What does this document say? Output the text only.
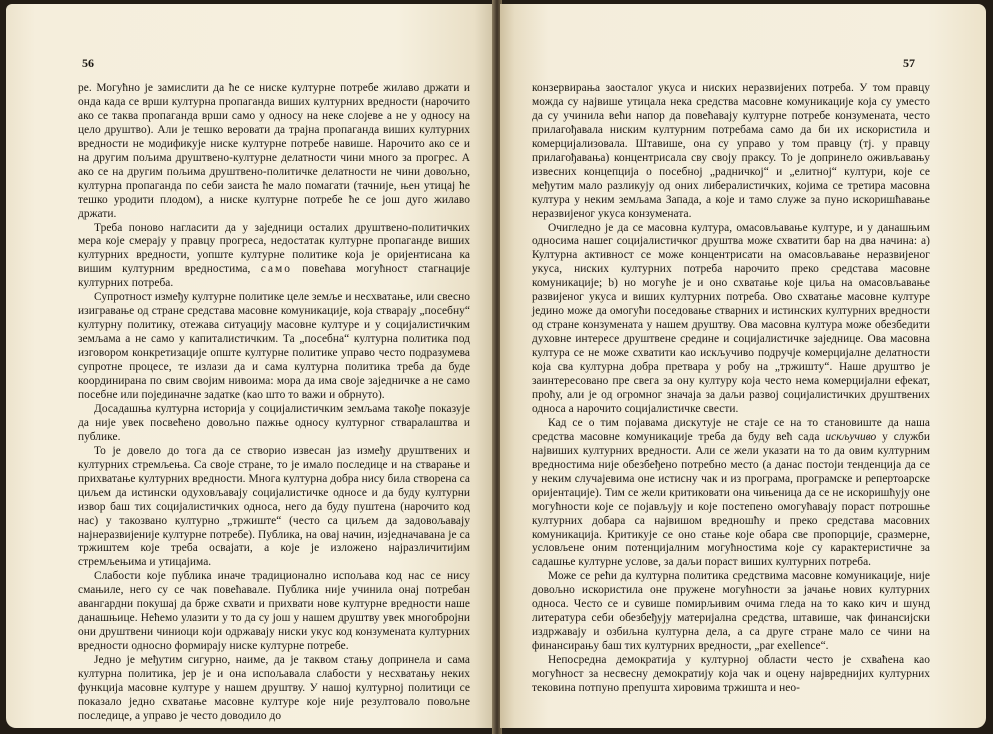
56

ре. Могућно је замислити да ће се ниске културне потребе жилаво држати и онда када се врши културна пропаганда виших културних вредности (нарочито ако се таква пропаганда врши само у односу на неке слојеве а не у односу на цело друштво). Али је тешко веровати да трајна пропаганда виших културних вредности не модификује ниске културне потребе навише. Нарочито ако се и на другим пољима друштвено-културне делатности чини много за прогрес. А ако се на другим пољима друштвено-политичке делатности не чини довољно, културна пропаганда по себи заиста ће мало помагати (тачније, њен утицај ће тешко уродити плодом), а ниске културне потребе ће се још дуго жилаво држати.

Треба поново нагласити да у заједници осталих друштвено-политичких мера које смерају у правцу прогреса, недостатак културне пропаганде виших културних вредности, уопште културне политике која је оријентисана ка вишим културним вредностима, само повећава могућност стагнације културних потреба.

Супротност између културне политике целе земље и несхватање, или свесно изигравање од стране средстава масовне комуникације, која стварају „посебну“ културну политику, отежава ситуацију масовне културе и у социјалистичким земљама а не само у капиталистичким. Та „посебна“ културна политика под изговором конкретизације опште културне политике управо често подразумева супротне процесе, те излази да и сама културна политика треба да буде координирана по свим својим нивоима: мора да има своје заједничке а не само посебне или појединачне задатке (као што то важи и обрнуто).

Досадашња културна историја у социјалистичким земљама такође показује да није увек посвећено довољно пажње односу културног стваралаштва и публике.

То је довело до тога да се створио извесан јаз између друштвених и културних стремљења. Са своје стране, то је имало последице и на стварање и прихватање културних вредности. Многа културна добра нису била створена са циљем да истински одуховљавају социјалистичке односе и да буду културни извор баш тих социјалистичких односа, него да буду пуштена (нарочито код нас) у такозвано културно „тржиште“ (често са циљем да задовољавају најнеразвијеније културне потребе). Публика, на овај начин, изједначавана је са тржиштем које треба освајати, а које је изложено најразличитијим стремљењима и утицајима.

Слабости које публика иначе традиционално испољава код нас се нису смањиле, него су се чак повећавале. Публика није учинила онај потребан авангардни покушај да брже схвати и прихвати нове културне вредности наше данашњице. Нећемо улазити у то да су још у нашем друштву увек многобројни они друштвени чиниоци који одржавају ниски укус код конзумената културних вредности односно формирају ниске културне потребе.

Једно је међутим сигурно, наиме, да је таквом стању допринела и сама културна политика, јер је и она испољавала слабости у несхватању неких функција масовне културе у нашем друштву. У нашој културној политици се показало једно схватање масовне културе које није резултовало повољне последице, а управо је често доводило до

57

конзервирања заосталог укуса и ниских неразвијених потреба. У том правцу можда су највише утицала нека средства масовне комуникације која су уместо да су учинила већи напор да повећавају културне потребе конзумената, често прилагођавала ниским културним потребама само да би их искористила и комерцијализовала. Штавише, она су управо у том правцу (тј. у правцу прилагођавања) концентрисала сву своју праксу. То је допринело оживљавању извесних концепција о посебној „радничкој“ и „елитној“ култури, које се међутим мало разликују од оних либералистичких, којима се третира масовна култура у неким земљама Запада, а које и тамо служе за пуно искоришћавање неразвијеног укуса конзумената.

Очигледно је да се масовна култура, омасовљавање културе, и у данашњим односима нашег социјалистичког друштва може схватити бар на два начина: а) Културна активност се може концентрисати на омасовљавање неразвијеног укуса, ниских културних потреба нарочито преко средстава масовне комуникације; b) но могуће је и оно схватање које циља на омасовљавање развијеног укуса и виших културних потреба. Ово схватање масовне културе једино може да омогући поседовање стварних и истинских културних вредности од стране конзумената у нашем друштву. Ова масовна култура може обезбедити духовне интересе друштвене средине и социјалистичке заједнице. Ова масовна култура се не може схватити као искључиво подручје комерцијалне делатности која сва културна добра претвара у робу на „тржишту“. Наше друштво је заинтересовано пре свега за ону културу која често нема комерцијални ефекат, проћу, али је од огромног значаја за даљи развој социјалистичких друштвених односа а нарочито социјалистичке свести.

Кад се о тим појавама дискутује не стаје се на то становиште да наша средства масовне комуникације треба да буду већ сада искључиво у служби највиших културних вредности. Али се жели указати на то да овим културним вредностима није обезбеђено потребно место (а данас постоји тенденција да се у неким случајевима оне истисну чак и из програма, програмске и репертоарске оријентације). Тим се жели критиковати она чињеница да се не искоришћују оне могућности које се појављују и које постепено омогућавају пораст потрошње културних добара са највишом вредношћу и преко средстава масовних комуникација. Критикује се оно стање које обара све пропорције, сразмерне, условљене оним потенцијалним могућностима које су карактеристичне за садашње културне услове, за даљи пораст виших културних потреба.

Може се рећи да културна политика средствима масовне комуникације, није довољно искористила оне пружене могућности за јачање нових културних односа. Често се и сувише помирљивим очима гледа на то како кич и шунд литература себи обезбеђују материјална средства, штавише, чак финансијски издржавају и озбиљна културна дела, а са друге стране мало се чини на финансирању баш тих културних вредности, „par exellence“.

Непосредна демократија у културној области често је схваћена као могућност за несвесну демократију која чак и оцену највреднијих културних тековина потпуно препушта хировима тржишта и нео-
